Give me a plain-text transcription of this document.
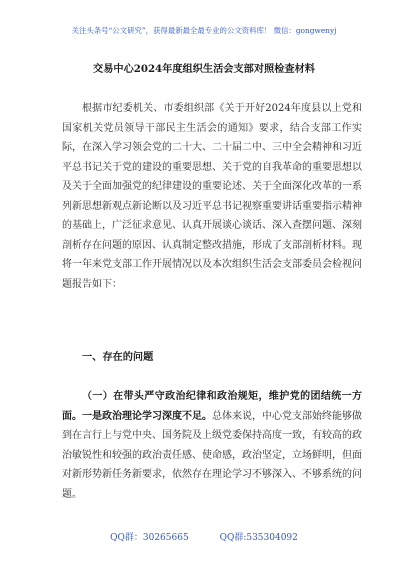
关注头条号“公文研究”，获得最新最全最专业的公文资料库！ 微信：gongwenyj
交易中心2024年度组织生活会支部对照检查材料

根据市纪委机关、市委组织部《关于开好2024年度县以上党和国家机关党员领导干部民主生活会的通知》要求，结合支部工作实际，在深入学习领会党的二十大、二十届二中、三中全会精神和习近平总书记关于党的建设的重要思想、关于党的自我革命的重要思想以及关于全面加强党的纪律建设的重要论述、关于全面深化改革的一系列新思想新观点新论断以及习近平总书记视察重要讲话重要指示精神的基础上，广泛征求意见、认真开展谈心谈话、深入查摆问题、深刻剖析存在问题的原因、认真制定整改措施，形成了支部剖析材料。现将一年来党支部工作开展情况以及本次组织生活会支部委员会检视问题报告如下：

一、存在的问题

（一）在带头严守政治纪律和政治规矩，维护党的团结统一方面。一是政治理论学习深度不足。总体来说，中心党支部始终能够做到在言行上与党中央、国务院及上级党委保持高度一致，有较高的政治敏锐性和较强的政治责任感、使命感，政治坚定，立场鲜明，但面对新形势新任务新要求，依然存在理论学习不够深入、不够系统的问题。

QQ群：30265665	QQ群:535304092
